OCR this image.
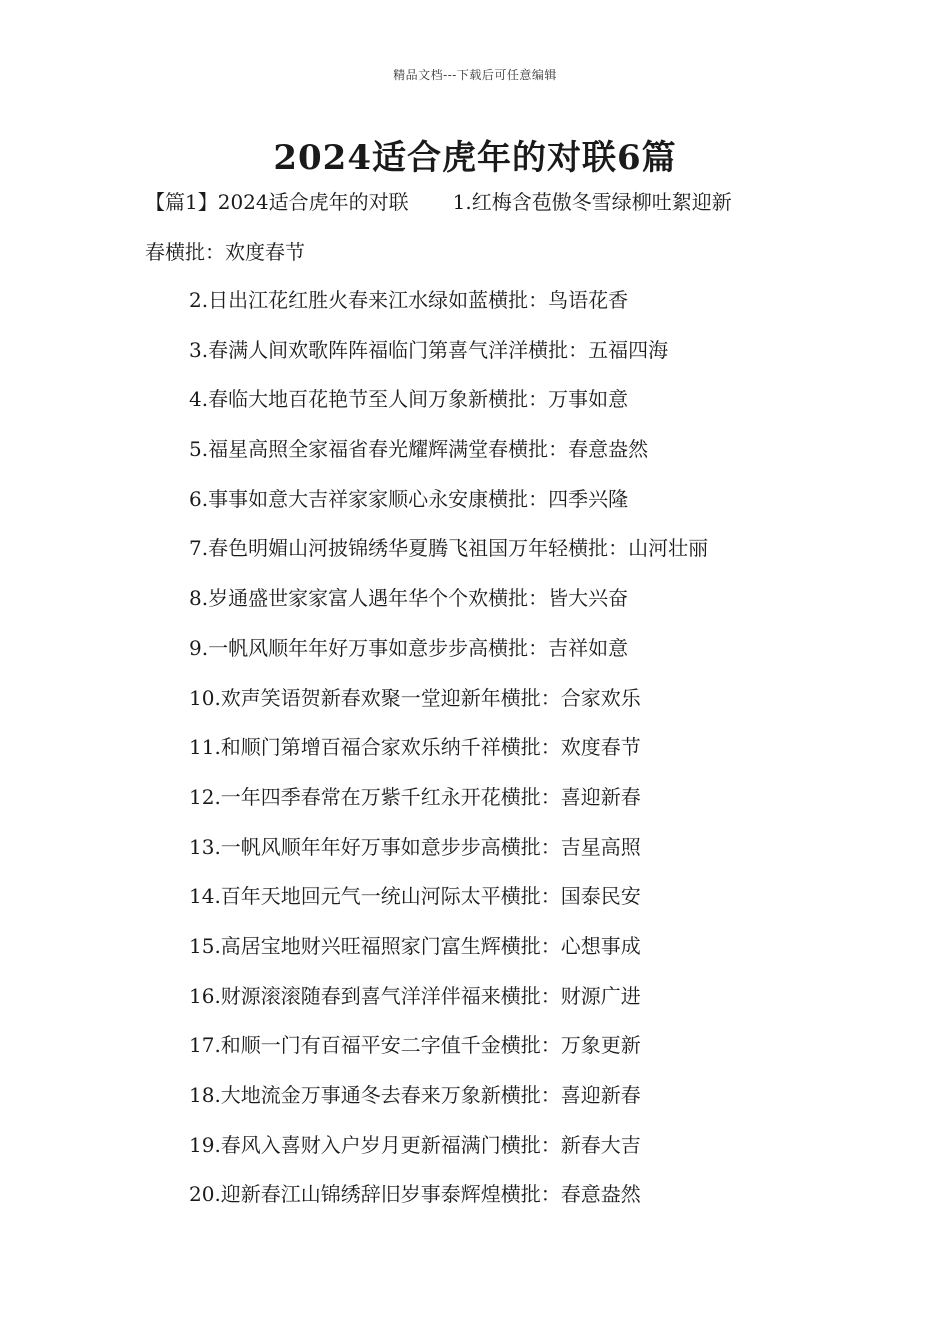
精品文档---下载后可任意编辑
2024适合虎年的对联6篇
【篇1】2024适合虎年的对联 1.红梅含苞傲冬雪绿柳吐絮迎新
春横批：欢度春节
2.日出江花红胜火春来江水绿如蓝横批：鸟语花香
3.春满人间欢歌阵阵福临门第喜气洋洋横批：五福四海
4.春临大地百花艳节至人间万象新横批：万事如意
5.福星高照全家福省春光耀辉满堂春横批：春意盎然
6.事事如意大吉祥家家顺心永安康横批：四季兴隆
7.春色明媚山河披锦绣华夏腾飞祖国万年轻横批：山河壮丽
8.岁通盛世家家富人遇年华个个欢横批：皆大兴奋
9.一帆风顺年年好万事如意步步高横批：吉祥如意
10.欢声笑语贺新春欢聚一堂迎新年横批：合家欢乐
11.和顺门第增百福合家欢乐纳千祥横批：欢度春节
12.一年四季春常在万紫千红永开花横批：喜迎新春
13.一帆风顺年年好万事如意步步高横批：吉星高照
14.百年天地回元气一统山河际太平横批：国泰民安
15.高居宝地财兴旺福照家门富生辉横批：心想事成
16.财源滚滚随春到喜气洋洋伴福来横批：财源广进
17.和顺一门有百福平安二字值千金横批：万象更新
18.大地流金万事通冬去春来万象新横批：喜迎新春
19.春风入喜财入户岁月更新福满门横批：新春大吉
20.迎新春江山锦绣辞旧岁事泰辉煌横批：春意盎然
